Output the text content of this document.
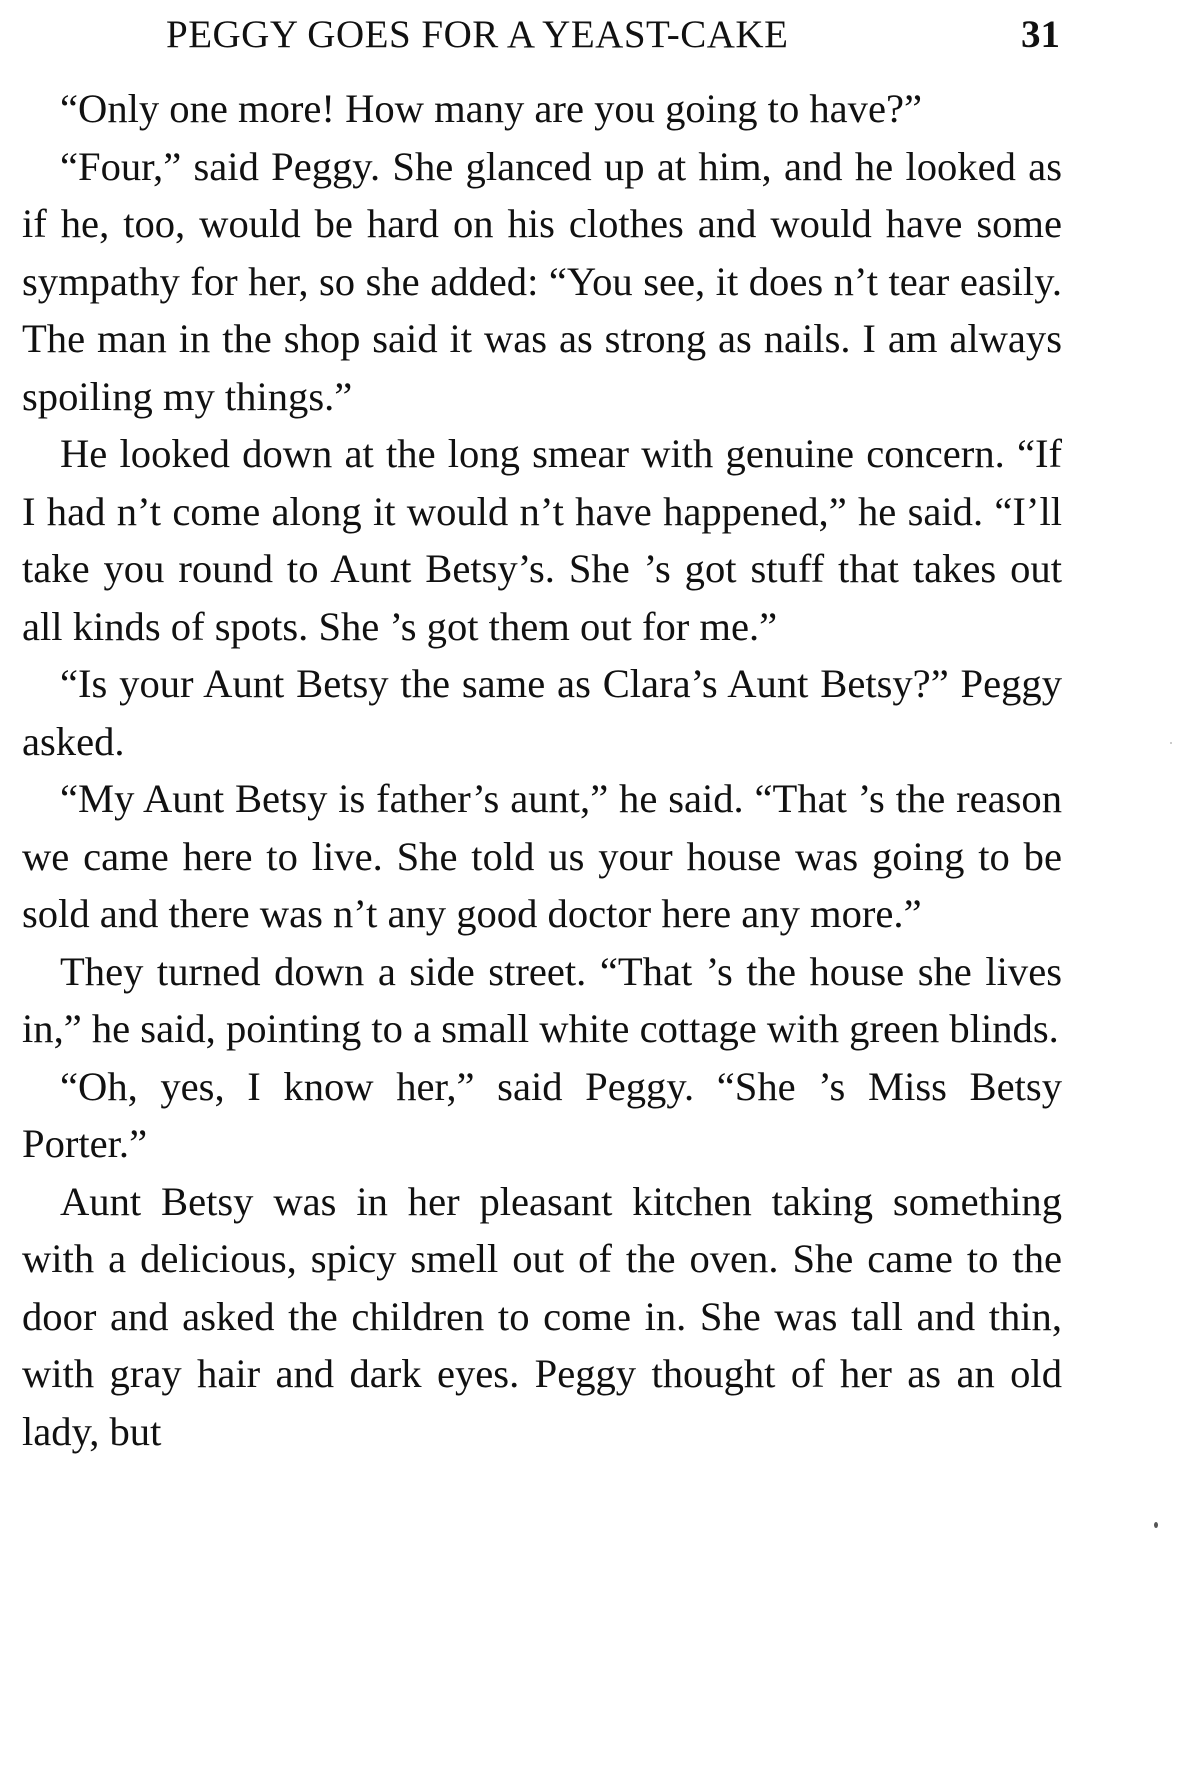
PEGGY GOES FOR A YEAST-CAKE	31

“Only one more! How many are you going to have?”

“Four,” said Peggy. She glanced up at him, and he looked as if he, too, would be hard on his clothes and would have some sympathy for her, so she added: “You see, it does n’t tear easily. The man in the shop said it was as strong as nails. I am always spoiling my things.”

He looked down at the long smear with genuine concern. “If I had n’t come along it would n’t have happened,” he said. “I’ll take you round to Aunt Betsy’s. She ’s got stuff that takes out all kinds of spots. She ’s got them out for me.”

“Is your Aunt Betsy the same as Clara’s Aunt Betsy?” Peggy asked.

“My Aunt Betsy is father’s aunt,” he said. “That ’s the reason we came here to live. She told us your house was going to be sold and there was n’t any good doctor here any more.”

They turned down a side street. “That ’s the house she lives in,” he said, pointing to a small white cottage with green blinds.

“Oh, yes, I know her,” said Peggy. “She ’s Miss Betsy Porter.”

Aunt Betsy was in her pleasant kitchen taking something with a delicious, spicy smell out of the oven. She came to the door and asked the children to come in. She was tall and thin, with gray hair and dark eyes. Peggy thought of her as an old lady, but
